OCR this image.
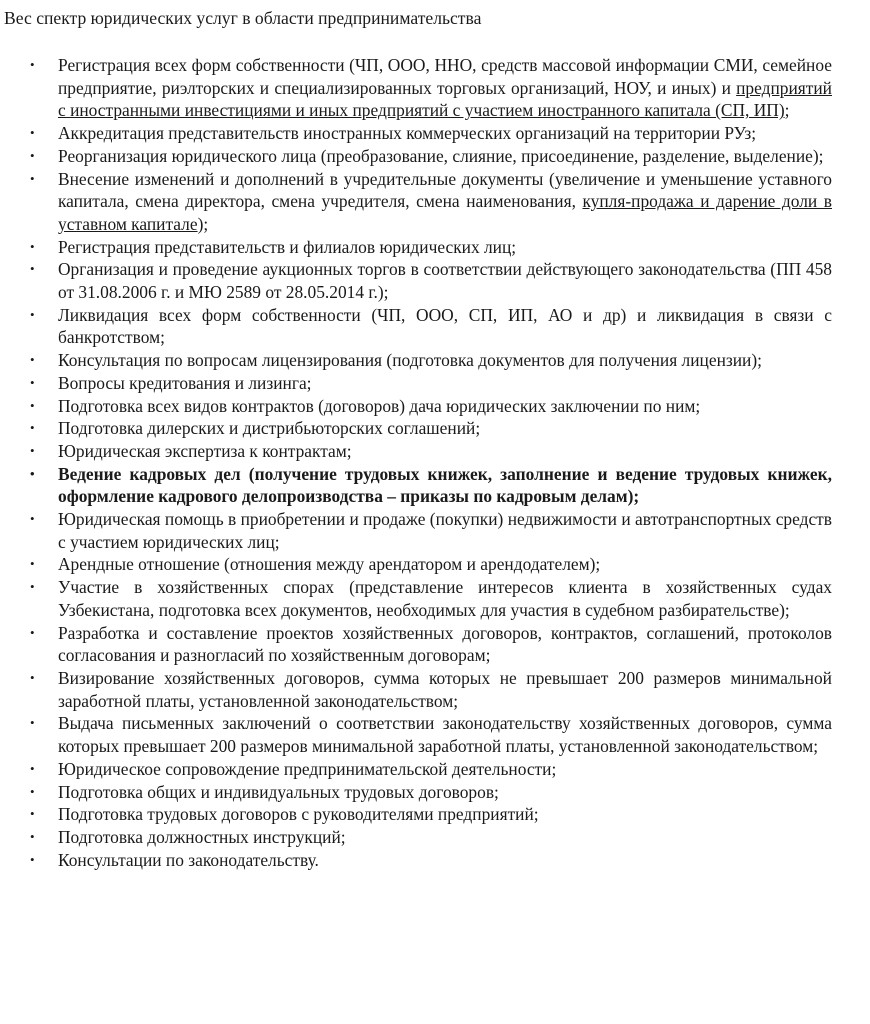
Вес спектр юридических услуг в области предпринимательства
•	Регистрация всех форм собственности (ЧП, ООО, ННО, средств массовой информации СМИ, семейное предприятие, риэлторских и специализированных торговых организаций, НОУ, и иных) и предприятий с иностранными инвестициями и иных предприятий с участием иностранного капитала (СП, ИП);
•	Аккредитация представительств иностранных коммерческих организаций на территории РУз;
•	Реорганизация юридического лица (преобразование, слияние, присоединение, разделение, выделение);
•	Внесение изменений и дополнений в учредительные документы (увеличение и уменьшение уставного капитала, смена директора, смена учредителя, смена наименования, купля-продажа и дарение доли в уставном капитале);
•	Регистрация представительств и филиалов юридических лиц;
•	Организация и проведение аукционных торгов в соответствии действующего законодательства (ПП 458 от 31.08.2006 г. и МЮ 2589 от 28.05.2014 г.);
•	Ликвидация всех форм собственности (ЧП, ООО, СП, ИП, АО и др) и ликвидация в связи с банкротством;
•	Консультация по вопросам лицензирования (подготовка документов для получения лицензии);
•	Вопросы кредитования и лизинга;
•	Подготовка всех видов контрактов (договоров) дача юридических заключении по ним;
•	Подготовка дилерских и дистрибьюторских соглашений;
•	Юридическая экспертиза к контрактам;
•	Ведение кадровых дел (получение трудовых книжек, заполнение и ведение трудовых книжек, оформление кадрового делопроизводства – приказы по кадровым делам);
•	Юридическая помощь в приобретении и продаже (покупки) недвижимости и автотранспортных средств с участием юридических лиц;
•	Арендные отношение (отношения между арендатором и арендодателем);
•	Участие в хозяйственных спорах (представление интересов клиента в хозяйственных судах Узбекистана, подготовка всех документов, необходимых для участия в судебном разбирательстве);
•	Разработка и составление проектов хозяйственных договоров, контрактов, соглашений, протоколов согласования и разногласий по хозяйственным договорам;
•	Визирование хозяйственных договоров, сумма которых не превышает 200 размеров минимальной заработной платы, установленной законодательством;
•	Выдача письменных заключений о соответствии законодательству хозяйственных договоров, сумма которых превышает 200 размеров минимальной заработной платы, установленной законодательством;
•	Юридическое сопровождение предпринимательской деятельности;
•	Подготовка общих и индивидуальных трудовых договоров;
•	Подготовка трудовых договоров с руководителями предприятий;
•	Подготовка должностных инструкций;
•	Консультации по законодательству.
